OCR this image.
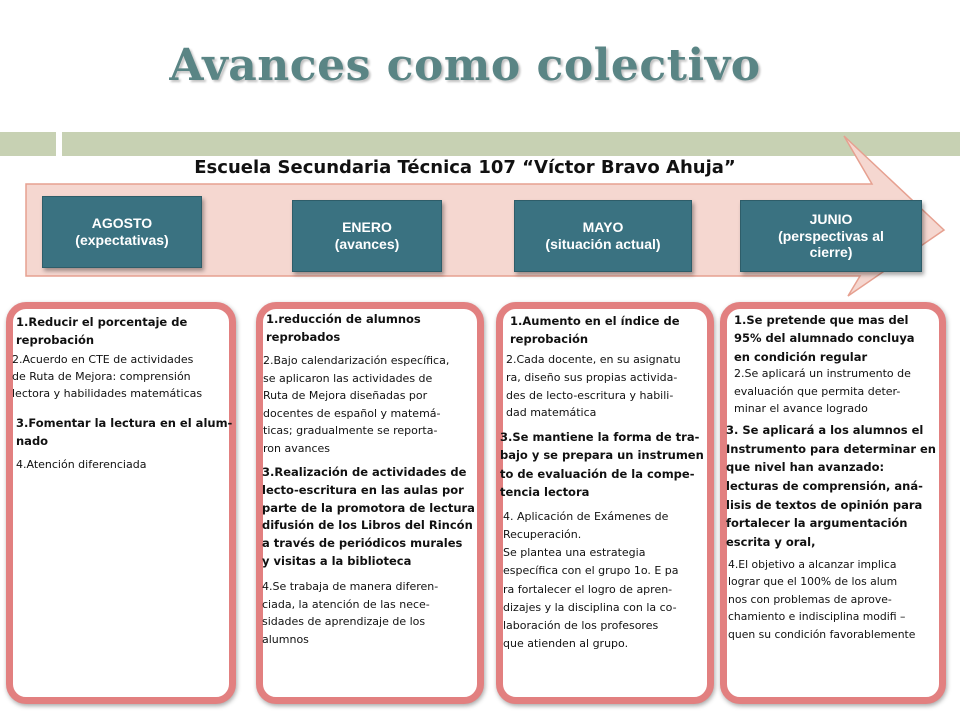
Avances como colectivo
Escuela Secundaria Técnica 107 “Víctor Bravo Ahuja”
AGOSTO
(expectativas)
ENERO
(avances)
MAYO
(situación actual)
JUNIO
(perspectivas al
cierre)
1.Reducir el porcentaje de
reprobación
2.Acuerdo en CTE de actividades
de Ruta de Mejora: comprensión
lectora y habilidades matemáticas
3.Fomentar la lectura en el alum-
nado
4.Atención diferenciada
1.reducción de alumnos
reprobados
2.Bajo calendarización específica,
se aplicaron las actividades de
Ruta de Mejora diseñadas por
docentes de español y matemá-
ticas; gradualmente se reporta-
ron avances
3.Realización de actividades de
lecto-escritura en las aulas por
parte de la promotora de lectura
difusión de los Libros del Rincón
a través de periódicos murales
y visitas a la biblioteca
4.Se trabaja de manera diferen-
ciada, la atención de las nece-
sidades de aprendizaje de los
alumnos
1.Aumento en el índice de
reprobación
2.Cada docente, en su asignatu
ra, diseño sus propias activida-
des de lecto-escritura y habili-
dad matemática
3.Se mantiene la forma de tra-
bajo y se prepara un instrumen
to de evaluación de la compe-
tencia lectora
4. Aplicación de Exámenes de
Recuperación.
Se plantea una estrategia
específica con el grupo 1o. E pa
ra fortalecer el logro de apren-
dizajes y la disciplina con la co-
laboración de los profesores
que atienden al grupo.
1.Se pretende que mas del
95% del alumnado concluya
en condición regular
2.Se aplicará un instrumento de
evaluación que permita deter-
minar el avance logrado
3. Se aplicará a los alumnos el
Instrumento para determinar en
que nivel han avanzado:
lecturas de comprensión, aná-
lisis de textos de opinión para
fortalecer la argumentación
escrita y oral,
4.El objetivo a alcanzar implica
lograr que el 100% de los alum
nos con problemas de aprove-
chamiento e indisciplina modifi –
quen su condición favorablemente
